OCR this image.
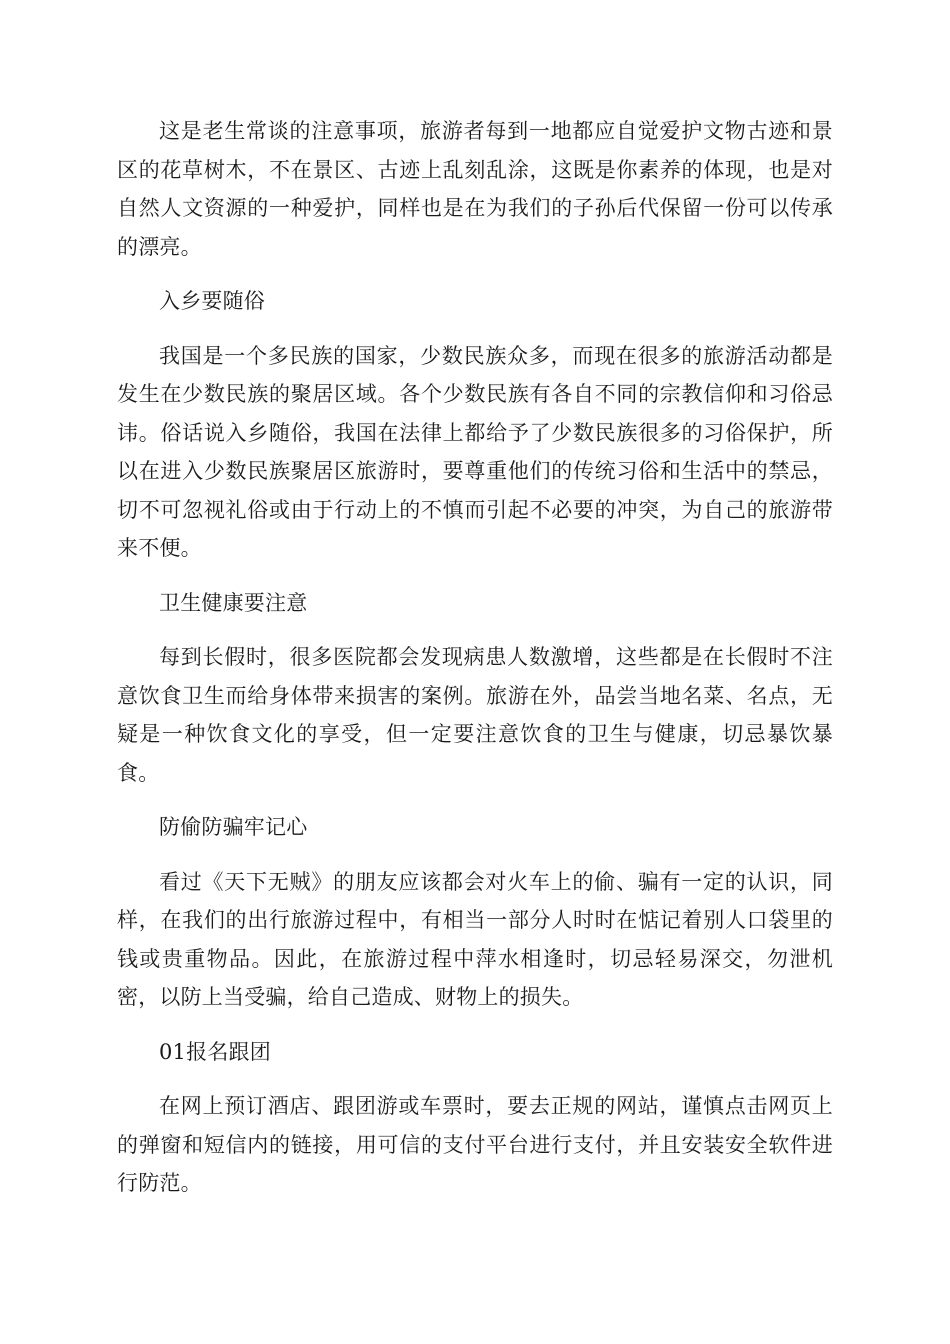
这是老生常谈的注意事项，旅游者每到一地都应自觉爱护文物古迹和景区的花草树木，不在景区、古迹上乱刻乱涂，这既是你素养的体现，也是对自然人文资源的一种爱护，同样也是在为我们的子孙后代保留一份可以传承的漂亮。

入乡要随俗

我国是一个多民族的国家，少数民族众多，而现在很多的旅游活动都是发生在少数民族的聚居区域。各个少数民族有各自不同的宗教信仰和习俗忌讳。俗话说入乡随俗，我国在法律上都给予了少数民族很多的习俗保护，所以在进入少数民族聚居区旅游时，要尊重他们的传统习俗和生活中的禁忌，切不可忽视礼俗或由于行动上的不慎而引起不必要的冲突，为自己的旅游带来不便。

卫生健康要注意

每到长假时，很多医院都会发现病患人数激增，这些都是在长假时不注意饮食卫生而给身体带来损害的案例。旅游在外，品尝当地名菜、名点，无疑是一种饮食文化的享受，但一定要注意饮食的卫生与健康，切忌暴饮暴食。

防偷防骗牢记心

看过《天下无贼》的朋友应该都会对火车上的偷、骗有一定的认识，同样，在我们的出行旅游过程中，有相当一部分人时时在惦记着别人口袋里的钱或贵重物品。因此，在旅游过程中萍水相逢时，切忌轻易深交，勿泄机密，以防上当受骗，给自己造成、财物上的损失。

01报名跟团

在网上预订酒店、跟团游或车票时，要去正规的网站，谨慎点击网页上的弹窗和短信内的链接，用可信的支付平台进行支付，并且安装安全软件进行防范。
